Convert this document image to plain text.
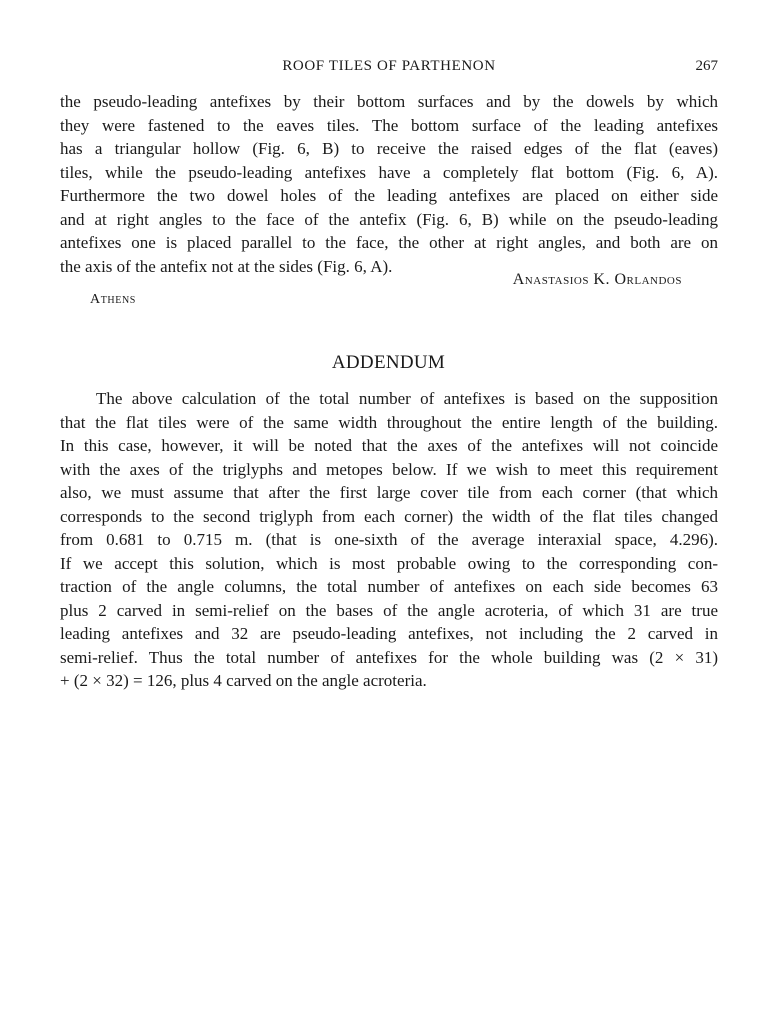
ROOF TILES OF PARTHENON	267

the pseudo-leading antefixes by their bottom surfaces and by the dowels by which
they were fastened to the eaves tiles. The bottom surface of the leading antefixes
has a triangular hollow (Fig. 6, B) to receive the raised edges of the flat (eaves)
tiles, while the pseudo-leading antefixes have a completely flat bottom (Fig. 6, A).
Furthermore the two dowel holes of the leading antefixes are placed on either side
and at right angles to the face of the antefix (Fig. 6, B) while on the pseudo-leading
antefixes one is placed parallel to the face, the other at right angles, and both are on
the axis of the antefix not at the sides (Fig. 6, A).

Anastasios K. Orlandos
Athens
ADDENDUM

The above calculation of the total number of antefixes is based on the supposition
that the flat tiles were of the same width throughout the entire length of the building.
In this case, however, it will be noted that the axes of the antefixes will not coincide
with the axes of the triglyphs and metopes below. If we wish to meet this requirement
also, we must assume that after the first large cover tile from each corner (that which
corresponds to the second triglyph from each corner) the width of the flat tiles changed
from 0.681 to 0.715 m. (that is one-sixth of the average interaxial space, 4.296).
If we accept this solution, which is most probable owing to the corresponding con-
traction of the angle columns, the total number of antefixes on each side becomes 63
plus 2 carved in semi-relief on the bases of the angle acroteria, of which 31 are true
leading antefixes and 32 are pseudo-leading antefixes, not including the 2 carved in
semi-relief. Thus the total number of antefixes for the whole building was (2 × 31)
+ (2 × 32) = 126, plus 4 carved on the angle acroteria.
